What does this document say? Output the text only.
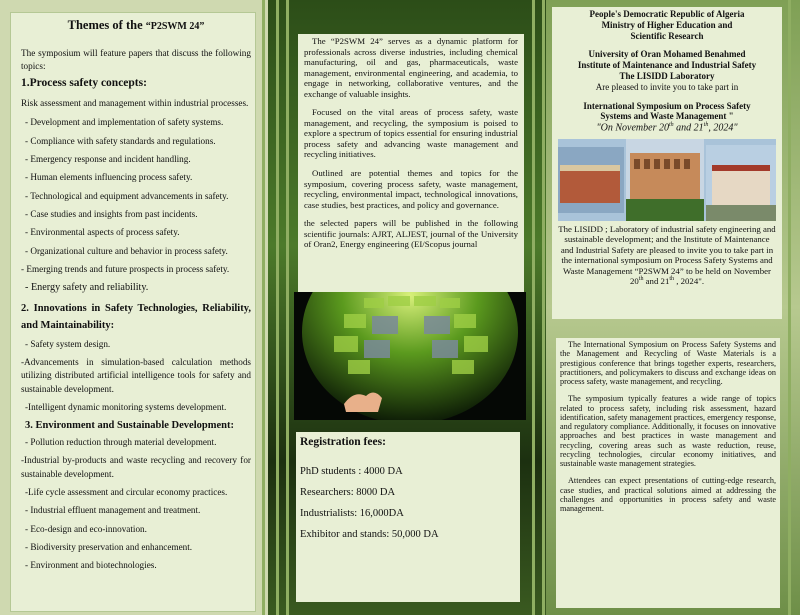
Themes of the “P2SWM 24”

The symposium will feature papers that discuss the following topics:

1.Process safety concepts:

Risk assessment and management within industrial processes.

- Development and implementation of safety systems.
- Compliance with safety standards and regulations.
- Emergency response and incident handling.
- Human elements influencing process safety.
- Technological and equipment advancements in safety.
- Case studies and insights from past incidents.
- Environmental aspects of process safety.
- Organizational culture and behavior in process safety.
- Emerging trends and future prospects in process safety.
- Energy safety and reliability.
2. Innovations in Safety Technologies, Reliability, and Maintainability:
- Safety system design.
-Advancements in simulation-based calculation methods utilizing distributed artificial intelligence tools for safety and sustainable development.
-Intelligent dynamic monitoring systems development.
3. Environment and Sustainable Development:
- Pollution reduction through material development.
-Industrial by-products and waste recycling and recovery for sustainable development.
-Life cycle assessment and circular economy practices.
- Industrial effluent management and treatment.
- Eco-design and eco-innovation.
- Biodiversity preservation and enhancement.
- Environment and biotechnologies.

The “P2SWM 24” serves as a dynamic platform for professionals across diverse industries, including chemical manufacturing, oil and gas, pharmaceuticals, waste management, environmental engineering, and academia, to engage in networking, collaborative ventures, and the exchange of valuable insights.

Focused on the vital areas of process safety, waste management, and recycling, the symposium is poised to explore a spectrum of topics essential for ensuring industrial process safety and advancing waste management and recycling initiatives.

Outlined are potential themes and topics for the symposium, covering process safety, waste management, recycling, environmental impact, technological innovations, case studies, best practices, and policy and governance.

the selected papers will be published in the following scientific journals: AJRT, ALJEST, journal of the University of Oran2, Energy engineering (EI/Scopus journal

Registration fees:

PhD students : 4000 DA

Researchers: 8000 DA

Industrialists: 16,000DA

Exhibitor and stands: 50,000 DA

People's Democratic Republic of Algeria

Ministry of Higher Education and

Scientific Research

University of Oran Mohamed Benahmed

Institute of Maintenance and Industrial Safety

The LISIDD Laboratory

Are pleased to invite you to take part in

International Symposium on Process Safety

Systems and Waste Management "

"On November 20th and 21th, 2024"

The LISIDD ; Laboratory of industrial safety engineering and sustainable development; and the Institute of Maintenance and Industrial Safety are pleased to invite you to take part in the international symposium on Process Safety Systems and Waste Management “P2SWM 24” to be held on November 20th and 21th , 2024".

The International Symposium on Process Safety Systems and the Management and Recycling of Waste Materials is a prestigious conference that brings together experts, researchers, practitioners, and policymakers to discuss and exchange ideas on process safety, waste management, and recycling.

The symposium typically features a wide range of topics related to process safety, including risk assessment, hazard identification, safety management practices, emergency response, and regulatory compliance. Additionally, it focuses on innovative approaches and best practices in waste management and recycling, covering areas such as waste reduction, reuse, recycling technologies, circular economy initiatives, and sustainable waste management strategies.

Attendees can expect presentations of cutting-edge research, case studies, and practical solutions aimed at addressing the challenges and opportunities in process safety and waste management.
